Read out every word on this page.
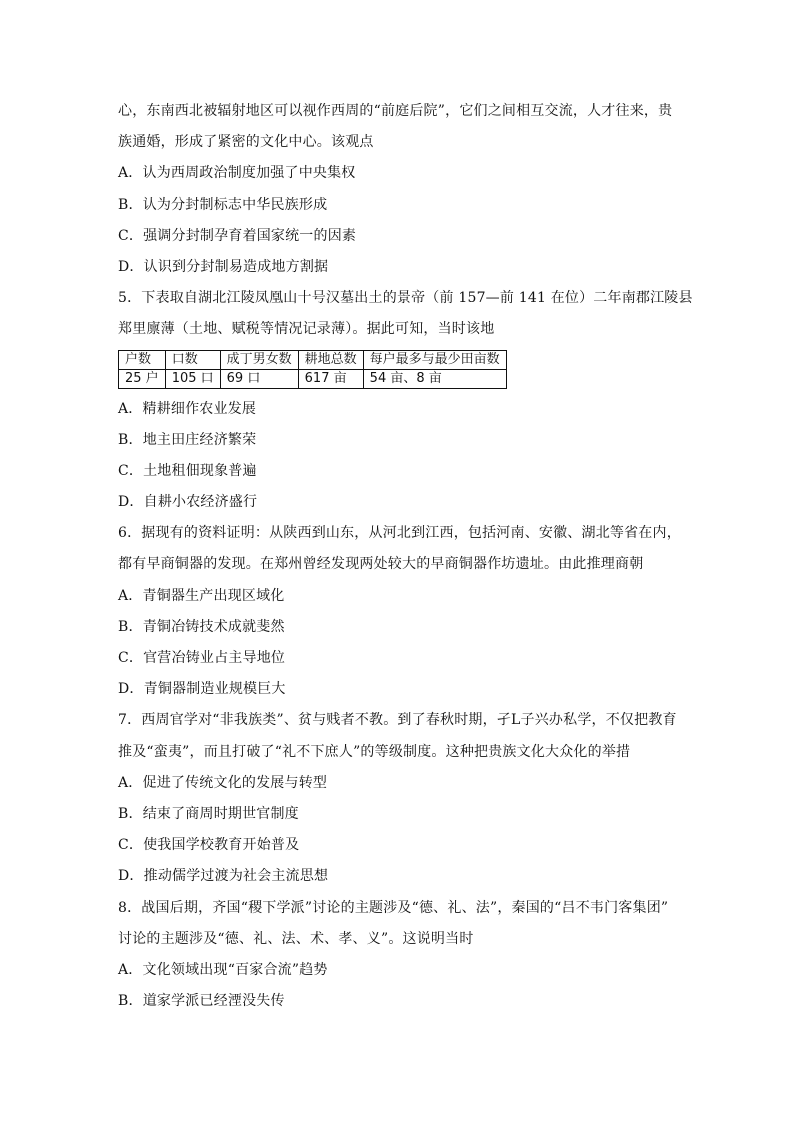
心，东南西北被辐射地区可以视作西周的“前庭后院”，它们之间相互交流，人才往来，贵
族通婚，形成了紧密的文化中心。该观点
A．认为西周政治制度加强了中央集权
B．认为分封制标志中华民族形成
C．强调分封制孕育着国家统一的因素
D．认识到分封制易造成地方割据
5．下表取自湖北江陵凤凰山十号汉墓出土的景帝（前 157—前 141 在位）二年南郡江陵县
郑里廪薄（土地、赋税等情况记录薄）。据此可知，当时该地
户数	口数	成丁男女数	耕地总数	每户最多与最少田亩数
25 户	105 口	69 口	617 亩	54 亩、8 亩
A．精耕细作农业发展
B．地主田庄经济繁荣
C．土地租佃现象普遍
D．自耕小农经济盛行
6．据现有的资料证明：从陕西到山东，从河北到江西，包括河南、安徽、湖北等省在内，
都有早商铜器的发现。在郑州曾经发现两处较大的早商铜器作坊遗址。由此推理商朝
A．青铜器生产出现区域化
B．青铜冶铸技术成就斐然
C．官营冶铸业占主导地位
D．青铜器制造业规模巨大
7．西周官学对“非我族类”、贫与贱者不教。到了春秋时期，孑L子兴办私学，不仅把教育
推及“蛮夷”，而且打破了“礼不下庶人”的等级制度。这种把贵族文化大众化的举措
A．促进了传统文化的发展与转型
B．结束了商周时期世官制度
C．使我国学校教育开始普及
D．推动儒学过渡为社会主流思想
8．战国后期，齐国“稷下学派”讨论的主题涉及“德、礼、法”，秦国的“吕不韦门客集团”
讨论的主题涉及“德、礼、法、术、孝、义”。这说明当时
A．文化领域出现“百家合流”趋势
B．道家学派已经湮没失传
